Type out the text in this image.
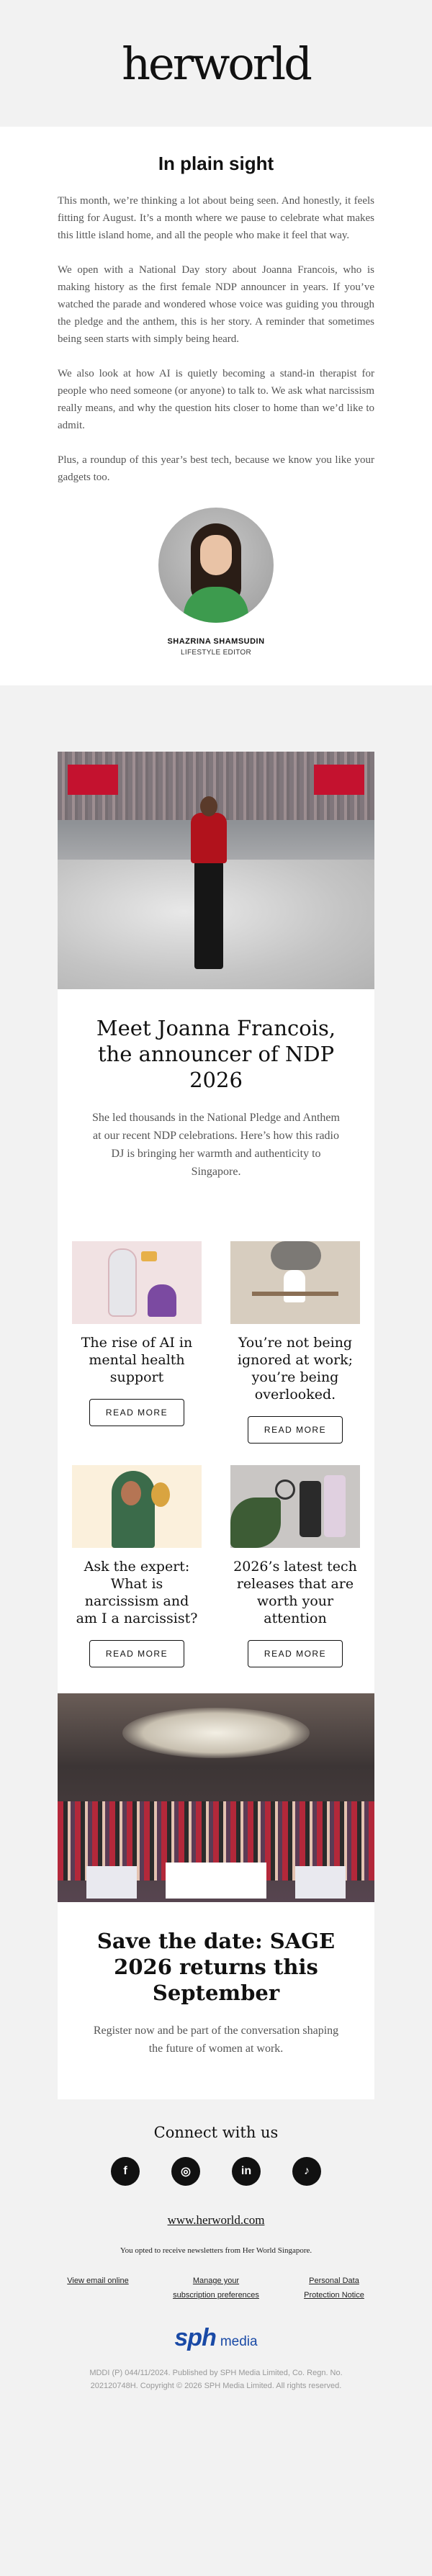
herworld
In plain sight

This month, we’re thinking a lot about being seen. And honestly, it feels fitting for August. It’s a month where we pause to celebrate what makes this little island home, and all the people who make it feel that way.

We open with a National Day story about Joanna Francois, who is making history as the first female NDP announcer in years. If you’ve watched the parade and wondered whose voice was guiding you through the pledge and the anthem, this is her story. A reminder that sometimes being seen starts with simply being heard.

We also look at how AI is quietly becoming a stand-in therapist for people who need someone (or anyone) to talk to. We ask what narcissism really means, and why the question hits closer to home than we’d like to admit.

Plus, a roundup of this year’s best tech, because we know you like your gadgets too.

SHAZRINA SHAMSUDIN
LIFESTYLE EDITOR
Meet Joanna Francois, the announcer of NDP 2026

She led thousands in the National Pledge and Anthem at our recent NDP celebrations. Here’s how this radio DJ is bringing her warmth and authenticity to Singapore.

The rise of AI in mental health support
READ MORE
You’re not being ignored at work; you’re being overlooked.
READ MORE
Ask the expert: What is narcissism and am I a narcissist?
READ MORE
2026’s latest tech releases that are worth your attention
READ MORE
Save the date: SAGE 2026 returns this September

Register now and be part of the conversation shaping the future of women at work.

Connect with us
f	◎	in	♪
www.herworld.com
You opted to receive newsletters from Her World Singapore.
View email online	Manage your subscription preferences
Personal Data Protection Notice
sph media
MDDI (P) 044/11/2024. Published by SPH Media Limited, Co. Regn. No. 202120748H. Copyright © 2026 SPH Media Limited. All rights reserved.
